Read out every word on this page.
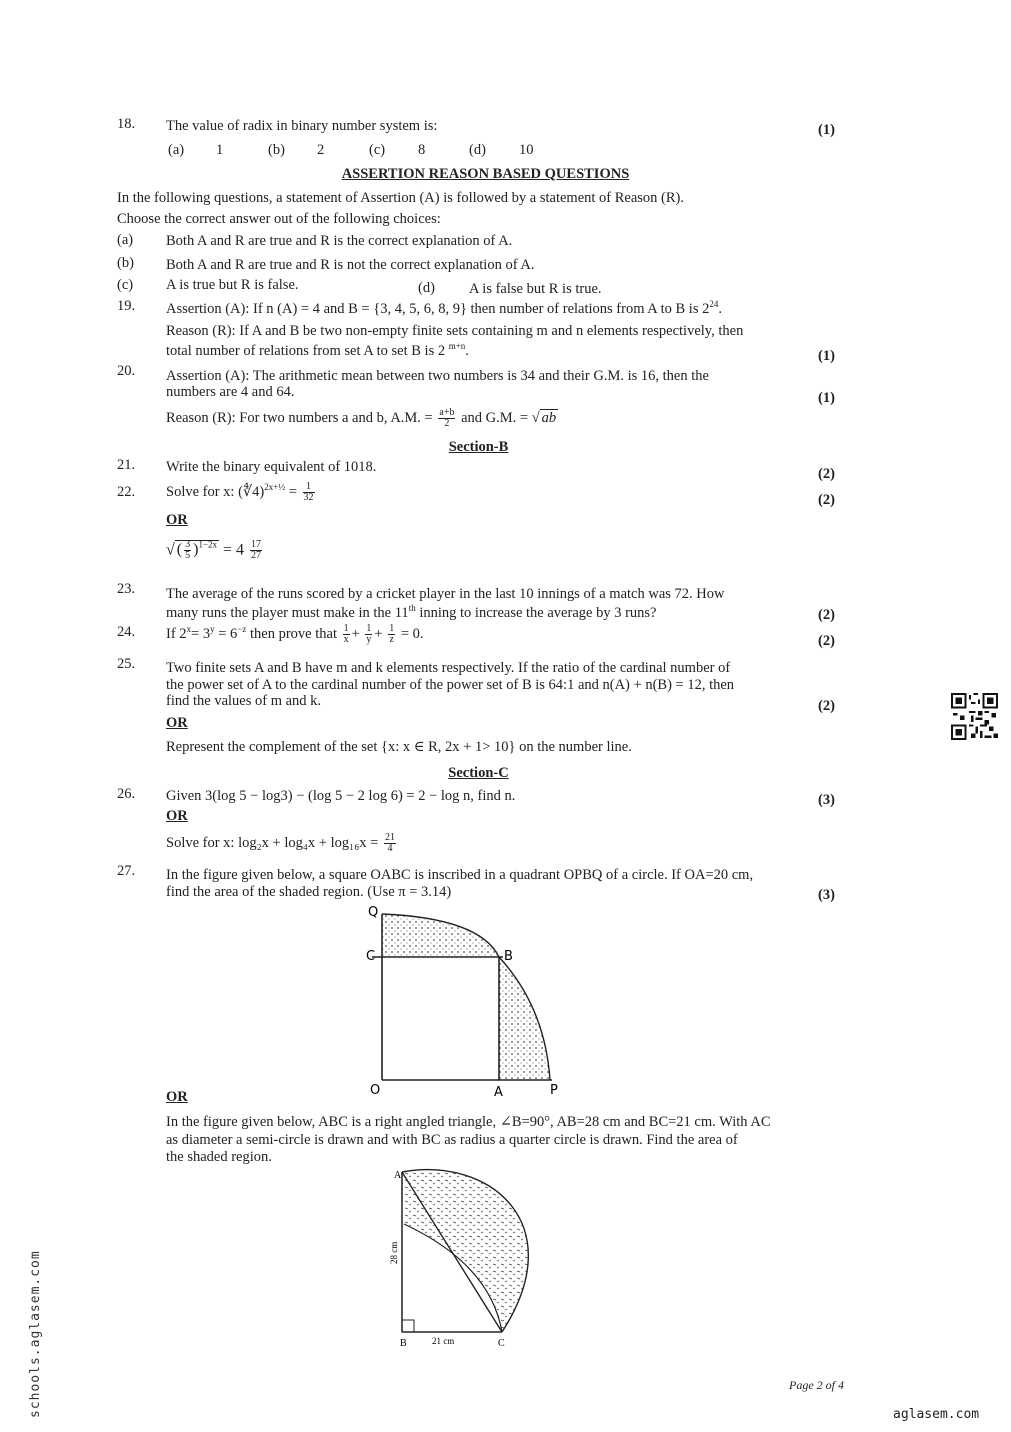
18. The value of radix in binary number system is:	(1)
(a) 1	(b) 2	(c) 8	(d) 10
ASSERTION REASON BASED QUESTIONS
In the following questions, a statement of Assertion (A) is followed by a statement of Reason (R).
Choose the correct answer out of the following choices:
(a) Both A and R are true and R is the correct explanation of A.
(b) Both A and R are true and R is not the correct explanation of A.
(c) A is true but R is false.	(d) A is false but R is true.
19. Assertion (A): If n (A) = 4 and B = {3, 4, 5, 6, 8, 9} then number of relations from A to B is $2^{24}$.
Reason (R): If A and B be two non-empty finite sets containing m and n elements respectively, then
total number of relations from set A to set B is 2 $^{m+n}$.	(1)
20. Assertion (A): The arithmetic mean between two numbers is 34 and their G.M. is 16, then the
numbers are 4 and 64.	(1)
Reason (R): For two numbers a and b, A.M. = $\frac{a+b}{2}$ and G.M. = √ ab
Section-B
21. Write the binary equivalent of 1018.	(2)
22. Solve for x: (∜4)$^{2x+\frac{1}{2}}$ = $\frac{1}{32}$	(2)
OR
√ ( $\frac{3}{5} )^{1-2x} = 4 \frac{17}{27}$
23. The average of the runs scored by a cricket player in the last 10 innings of a match was 72. How
many runs the player must make in the 11th inning to increase the average by 3 runs?	(2)
24. If $2^x= 3^y = 6^{-z}$ then prove that $\frac{1}{x} + \frac{1}{y} + \frac{1}{z} = 0$.	(2)
25. Two finite sets A and B have m and k elements respectively. If the ratio of the cardinal number of
the power set of A to the cardinal number of the power set of B is 64:1 and n(A) + n(B) = 12, then
find the values of m and k.	(2)
OR
Represent the complement of the set {x: x ∈ R, 2x + 1> 10} on the number line.
Section-C
26. Given 3(log 5 − log3) − (log 5 − 2 log 6) = 2 − log n, find n.	(3)
OR
Solve for x: $\log_2x + \log_4x + \log_{16}x = \frac{21}{4}$
27. In the figure given below, a square OABC is inscribed in a quadrant OPBQ of a circle. If OA=20 cm,
find the area of the shaded region. (Use π = 3.14)	(3)
Q
C	B
O	A	P
OR
In the figure given below, ABC is a right angled triangle, ∠B=90°, AB=28 cm and BC=21 cm. With AC
as diameter a semi-circle is drawn and with BC as radius a quarter circle is drawn. Find the area of
the shaded region.
A
B	C
28 cm
21 cm
Page 2 of 4
aglasem.com
schools.aglasem.com
